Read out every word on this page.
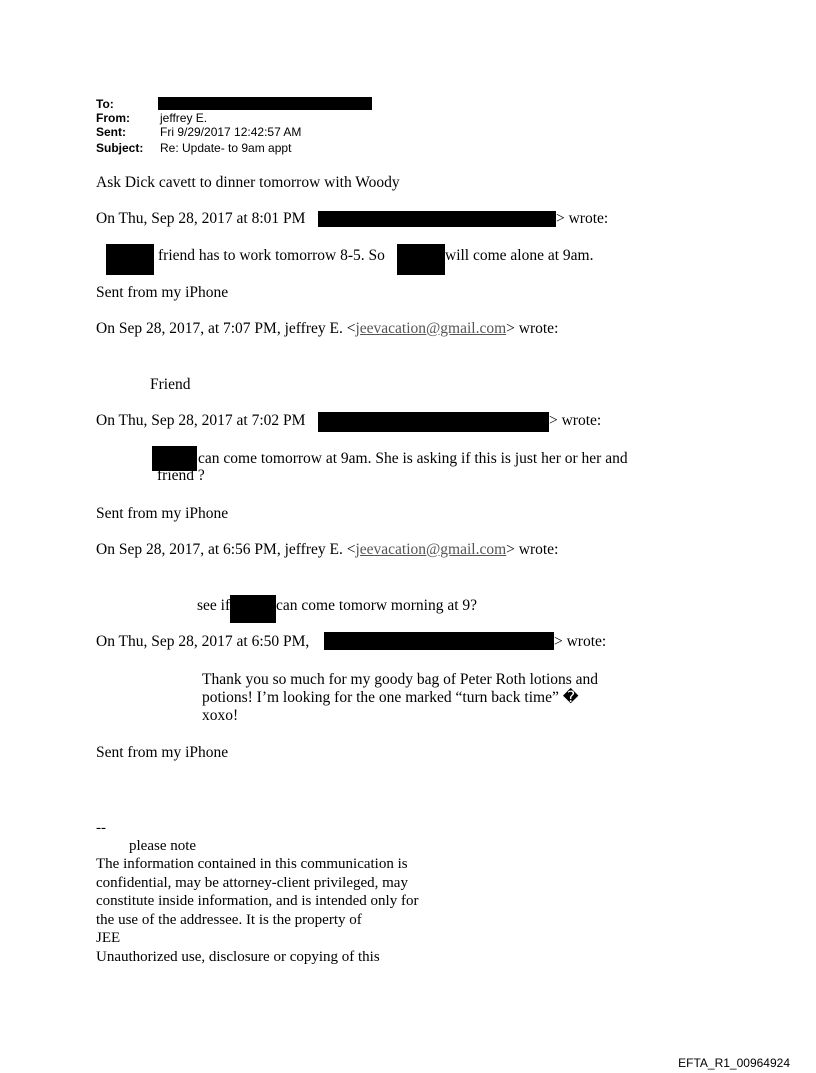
To:
From:	jeffrey E.
Sent:	Fri 9/29/2017 12:42:57 AM
Subject: Re: Update- to 9am appt
Ask Dick cavett to dinner tomorrow with Woody
On Thu, Sep 28, 2017 at 8:01 PM	> wrote:
friend has to work tomorrow 8-5. So	will come alone at 9am.
Sent from my iPhone
On Sep 28, 2017, at 7:07 PM, jeffrey E. <jeevacation@gmail.com> wrote:
Friend
On Thu, Sep 28, 2017 at 7:02 PM	> wrote:
can come tomorrow at 9am. She is asking if this is just her or her and
friend ?
Sent from my iPhone
On Sep 28, 2017, at 6:56 PM, jeffrey E. <jeevacation@gmail.com> wrote:
see if	can come tomorw morning at 9?
On Thu, Sep 28, 2017 at 6:50 PM,	> wrote:
Thank you so much for my goody bag of Peter Roth lotions and
potions! I’m looking for the one marked “turn back time” �
xoxo!
Sent from my iPhone
--
please note
The information contained in this communication is
confidential, may be attorney-client privileged, may
constitute inside information, and is intended only for
the use of the addressee. It is the property of
JEE
Unauthorized use, disclosure or copying of this
EFTA_R1_00964924
